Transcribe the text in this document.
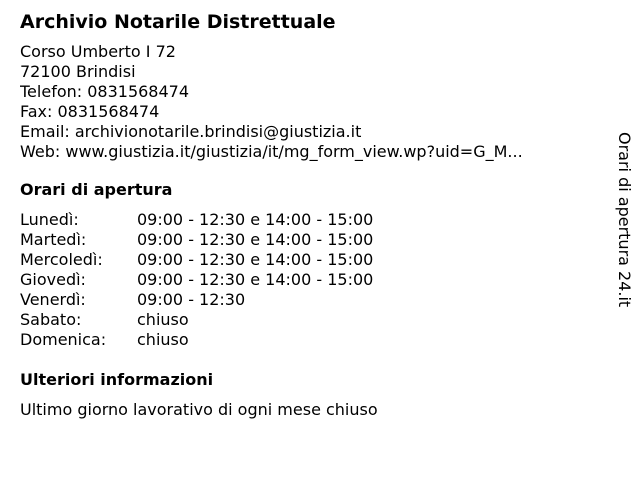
Archivio Notarile Distrettuale
Corso Umberto I 72
72100 Brindisi
Telefon: 0831568474
Fax: 0831568474
Email: archivionotarile.brindisi@giustizia.it
Web: www.giustizia.it/giustizia/it/mg_form_view.wp?uid=G_M...
Orari di apertura
Lunedì:	09:00 - 12:30 e 14:00 - 15:00
Martedì:	09:00 - 12:30 e 14:00 - 15:00
Mercoledì:	09:00 - 12:30 e 14:00 - 15:00
Giovedì:	09:00 - 12:30 e 14:00 - 15:00
Venerdì:	09:00 - 12:30
Sabato:	chiuso
Domenica:	chiuso
Ulteriori informazioni
Ultimo giorno lavorativo di ogni mese chiuso
Orari di apertura 24.it
